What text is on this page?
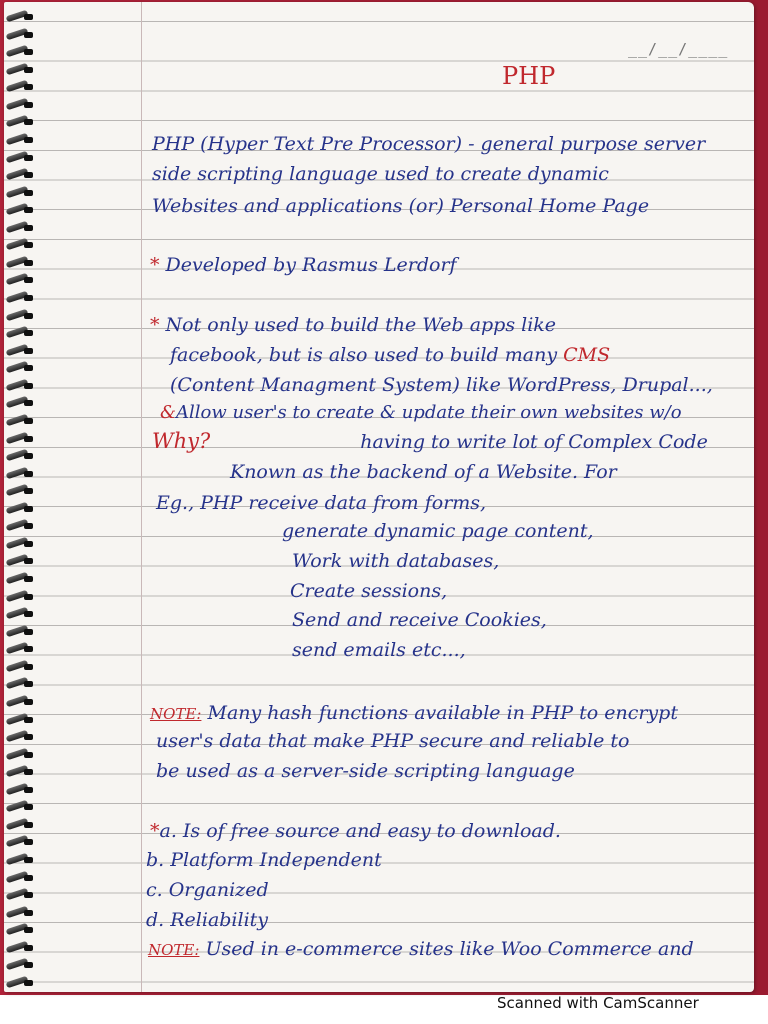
__/__/____
PHP
PHP (Hyper Text Pre Processor) - general purpose server
side scripting language used to create dynamic
Websites and applications (or) Personal Home Page
* Developed by Rasmus Lerdorf
* Not only used to build the Web apps like
facebook, but is also used to build many CMS
(Content Managment System) like WordPress, Drupal...,
&Allow user's to create & update their own websites w/o
Why?	having to write lot of Complex Code
Known as the backend of a Website. For
Eg., PHP receive data from forms,
generate dynamic page content,
Work with databases,
Create sessions,
Send and receive Cookies,
send emails etc...,
NOTE: Many hash functions available in PHP to encrypt
user's data that make PHP secure and reliable to
be used as a server-side scripting language
*a. Is of free source and easy to download.
b. Platform Independent
c. Organized
d. Reliability
NOTE: Used in e-commerce sites like Woo Commerce and
Scanned with CamScanner
